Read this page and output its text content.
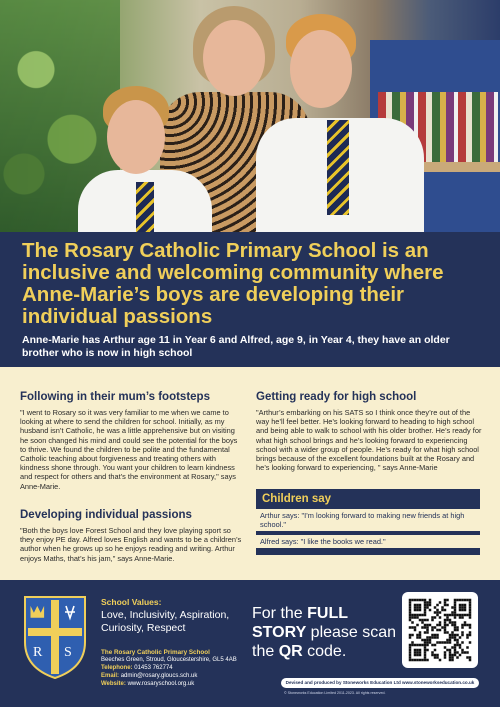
The Rosary Catholic Primary School is an inclusive and welcoming community where Anne-Marie’s boys are developing their individual passions

Anne-Marie has Arthur age 11 in Year 6 and Alfred, age 9, in Year 4, they have an older brother who is now in high school

Following in their mum’s footsteps

"I went to Rosary so it was very familiar to me when we came to looking at where to send the children for school. Initially, as my husband isn’t Catholic, he was a little apprehensive but on visiting he soon changed his mind and could see the potential for the boys to thrive. We found the children to be polite and the fundamental Catholic teaching about forgiveness and treating others with kindness shone through. You want your children to learn kindness and respect for others and that’s the environment at Rosary," says Anne-Marie.

Developing individual passions

"Both the boys love Forest School and they love playing sport so they enjoy PE day. Alfred loves English and wants to be a children’s author when he grows up so he enjoys reading and writing. Arthur enjoys Maths, that’s his jam," says Anne-Marie.

Getting ready for high school

"Arthur’s embarking on his SATS so I think once they’re out of the way he’ll feel better. He’s looking forward to heading to high school and being able to walk to school with his older brother. He’s ready for what high school brings and he’s looking forward to experiencing school with a wider group of people. He’s ready for what high school brings because of the excellent foundations built at the Rosary and he’s looking forward to experiencing, " says Anne-Marie

Children say
Arthur says: "I’m looking forward to making new friends at high school."
Alfred says: "I like the books we read."
R S
School Values:
Love, Inclusivity, Aspiration, Curiosity, Respect
The Rosary Catholic Primary School
Beeches Green, Stroud, Gloucestershire, GL5 4AB
Telephone: 01453 762774
Email: admin@rosary.gloucs.sch.uk
Website: www.rosaryschool.org.uk
For the FULL STORY please scan the QR code.
Devised and produced by Stoneworks Education Ltd www.stoneworkseducation.co.uk
© Stoneworks Education Limited 2011-2023. All rights reserved.
